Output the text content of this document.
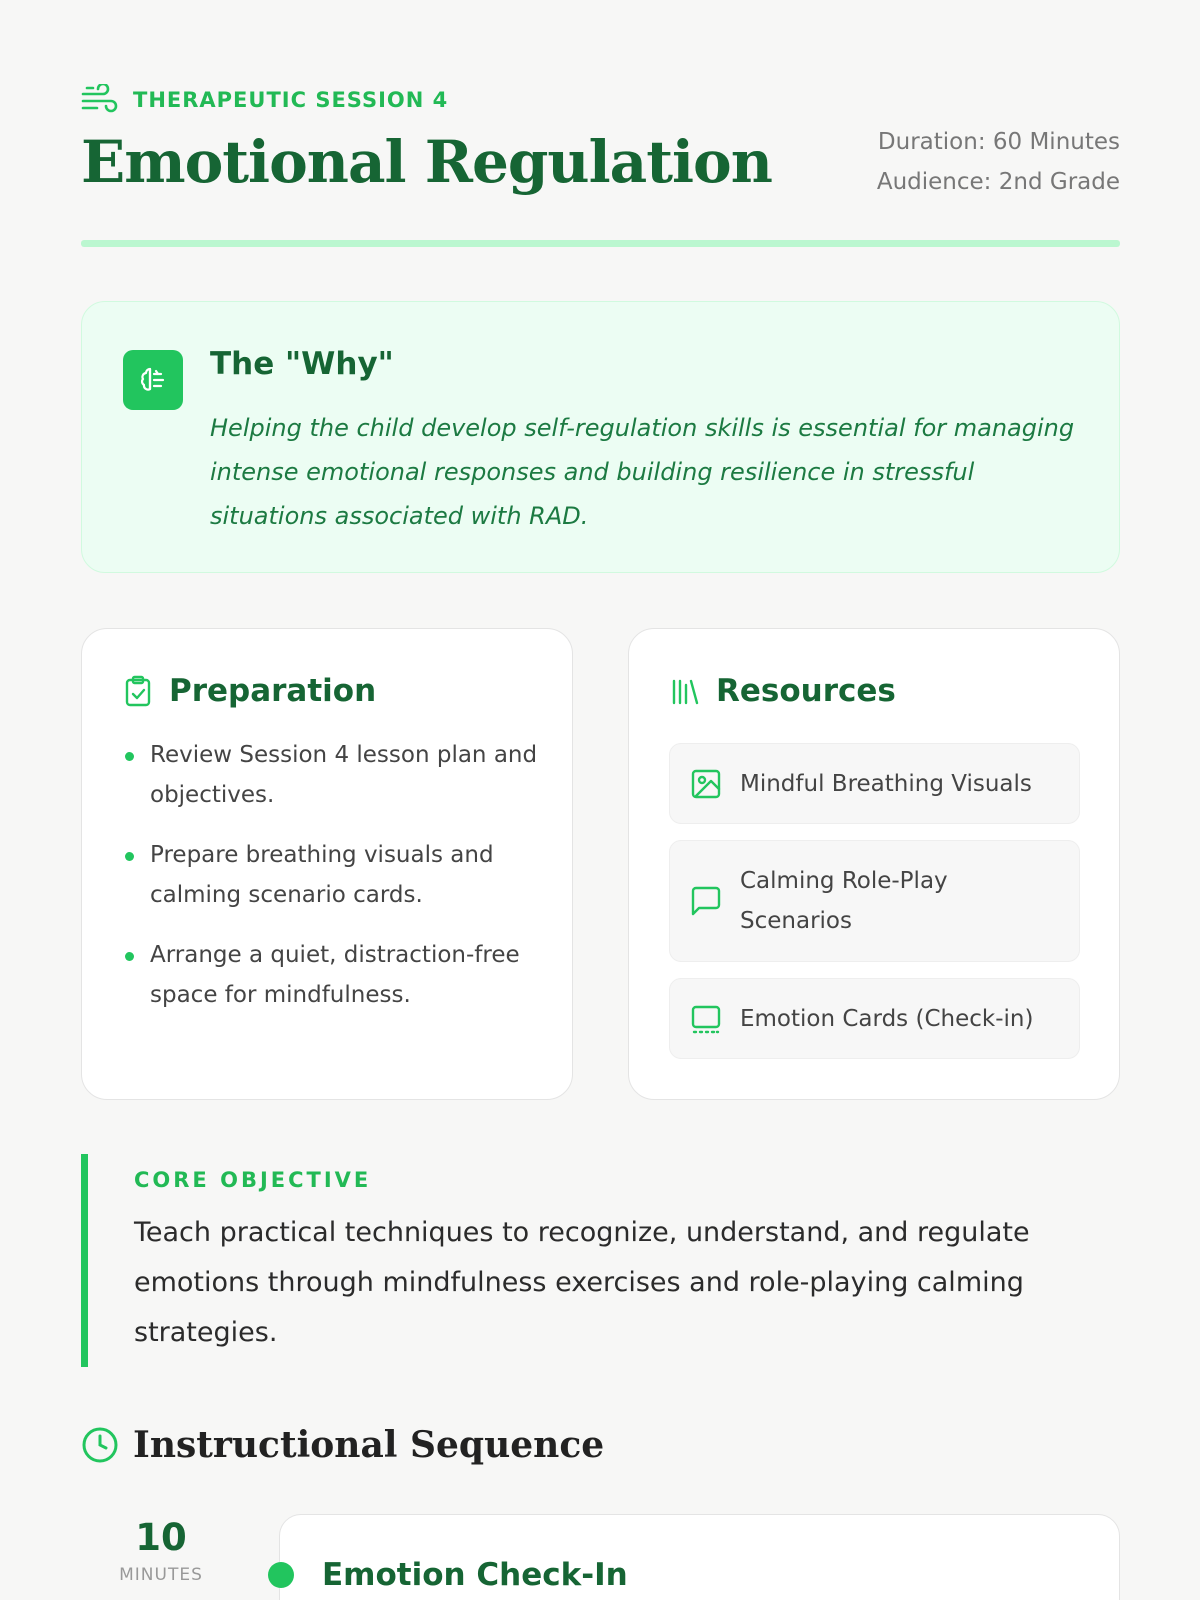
THERAPEUTIC SESSION 4
Emotional Regulation	Duration: 60 Minutes
Audience: 2nd Grade
The "Why"
Helping the child develop self-regulation skills is essential for managing intense emotional responses and building resilience in stressful situations associated with RAD.
Preparation
Review Session 4 lesson plan and objectives.
Prepare breathing visuals and calming scenario cards.
Arrange a quiet, distraction-free space for mindfulness.
Resources
Mindful Breathing Visuals
Calming Role-Play Scenarios
Emotion Cards (Check-in)
CORE OBJECTIVE
Teach practical techniques to recognize, understand, and regulate emotions through mindfulness exercises and role-playing calming strategies.
Instructional Sequence
10
MINUTES	Emotion Check-In
